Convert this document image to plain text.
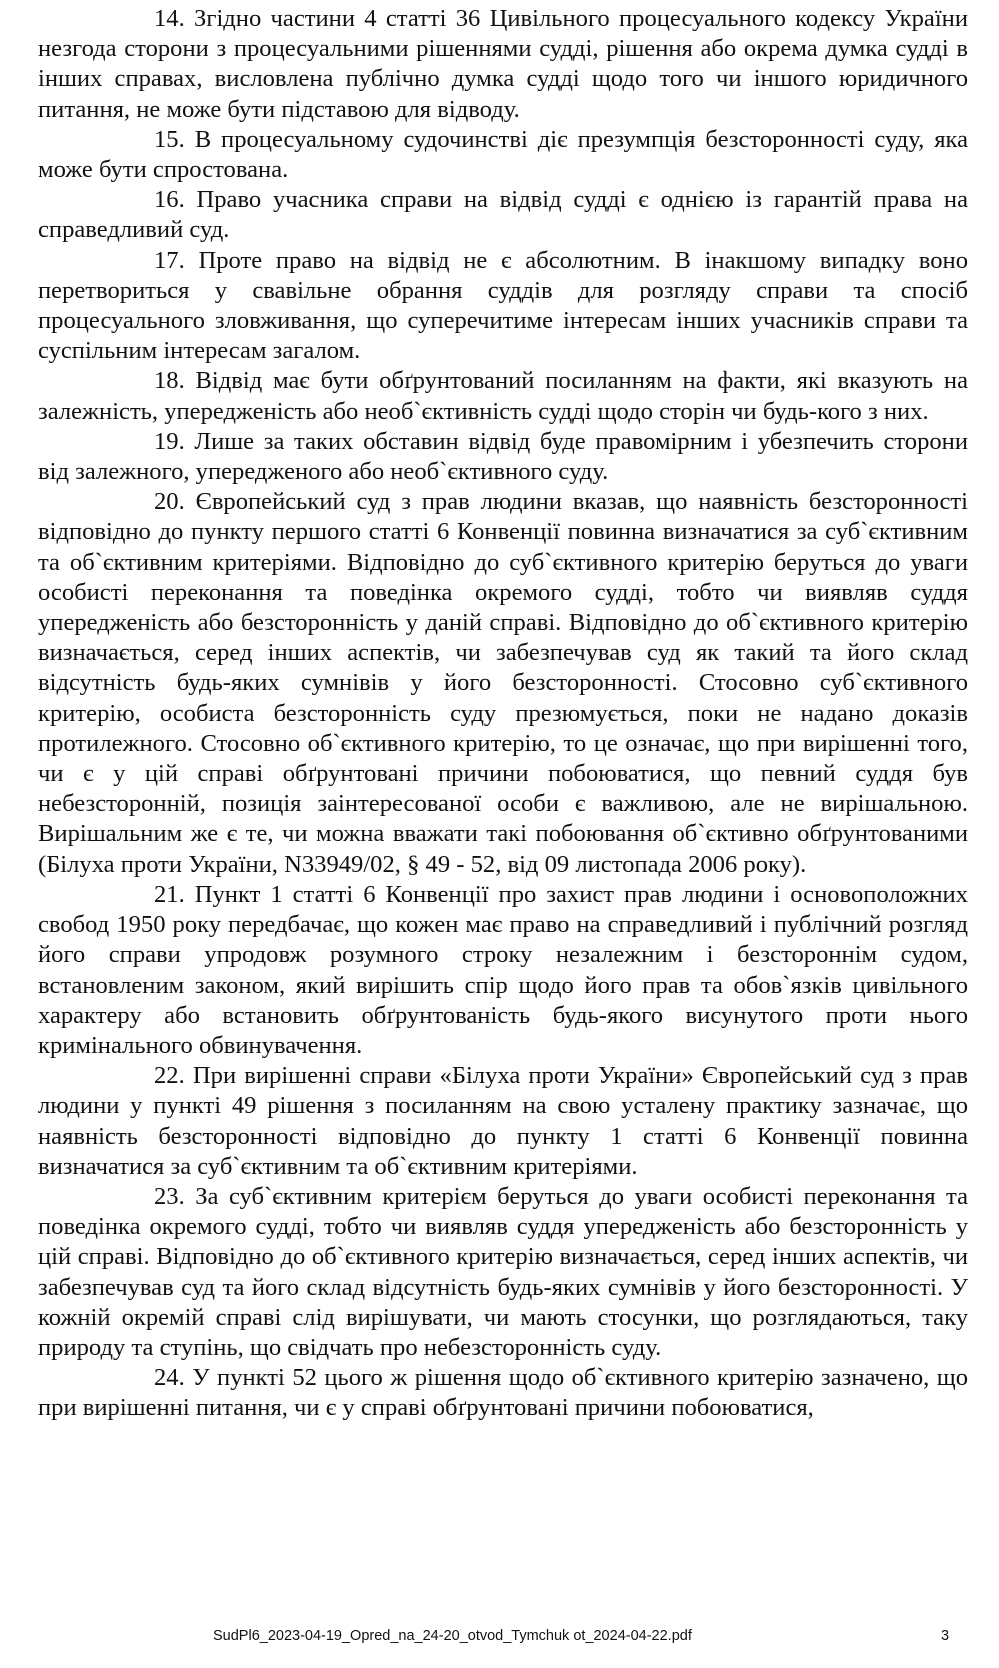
14. Згідно частини 4 статті 36 Цивільного процесуального кодексу України незгода сторони з процесуальними рішеннями судді, рішення або окрема думка судді в інших справах, висловлена публічно думка судді щодо того чи іншого юридичного питання, не може бути підставою для відводу.

15. В процесуальному судочинстві діє презумпція безсторонності суду, яка може бути спростована.

16. Право учасника справи на відвід судді є однією із гарантій права на справедливий суд.

17. Проте право на відвід не є абсолютним. В інакшому випадку воно перетвориться у свавільне обрання суддів для розгляду справи та спосіб процесуального зловживання, що суперечитиме інтересам інших учасників справи та суспільним інтересам загалом.

18. Відвід має бути обґрунтований посиланням на факти, які вказують на залежність, упередженість або необ`єктивність судді щодо сторін чи будь-кого з них.

19. Лише за таких обставин відвід буде правомірним і убезпечить сторони від залежного, упередженого або необ`єктивного суду.

20. Європейський суд з прав людини вказав, що наявність безсторонності відповідно до пункту першого статті 6 Конвенції повинна визначатися за суб`єктивним та об`єктивним критеріями. Відповідно до суб`єктивного критерію беруться до уваги особисті переконання та поведінка окремого судді, тобто чи виявляв суддя упередженість або безсторонність у даній справі. Відповідно до об`єктивного критерію визначається, серед інших аспектів, чи забезпечував суд як такий та його склад відсутність будь-яких сумнівів у його безсторонності. Стосовно суб`єктивного критерію, особиста безсторонність суду презюмується, поки не надано доказів протилежного. Стосовно об`єктивного критерію, то це означає, що при вирішенні того, чи є у цій справі обґрунтовані причини побоюватися, що певний суддя був небезсторонній, позиція заінтересованої особи є важливою, але не вирішальною. Вирішальним же є те, чи можна вважати такі побоювання об`єктивно обґрунтованими (Білуха проти України, N33949/02, § 49 - 52, від 09 листопада 2006 року).

21. Пункт 1 статті 6 Конвенції про захист прав людини і основоположних свобод 1950 року передбачає, що кожен має право на справедливий і публічний розгляд його справи упродовж розумного строку незалежним і безстороннім судом, встановленим законом, який вирішить спір щодо його прав та обов`язків цивільного характеру або встановить обґрунтованість будь-якого висунутого проти нього кримінального обвинувачення.

22. При вирішенні справи «Білуха проти України» Європейський суд з прав людини у пункті 49 рішення з посиланням на свою усталену практику зазначає, що наявність безсторонності відповідно до пункту 1 статті 6 Конвенції повинна визначатися за суб`єктивним та об`єктивним критеріями.

23. За суб`єктивним критерієм беруться до уваги особисті переконання та поведінка окремого судді, тобто чи виявляв суддя упередженість або безсторонність у цій справі. Відповідно до об`єктивного критерію визначається, серед інших аспектів, чи забезпечував суд та його склад відсутність будь-яких сумнівів у його безсторонності. У кожній окремій справі слід вирішувати, чи мають стосунки, що розглядаються, таку природу та ступінь, що свідчать про небезсторонність суду.

24. У пункті 52 цього ж рішення щодо об`єктивного критерію зазначено, що при вирішенні питання, чи є у справі обґрунтовані причини побоюватися,

SudPl6_2023-04-19_Opred_na_24-20_otvod_Tymchuk ot_2024-04-22.pdf	3
